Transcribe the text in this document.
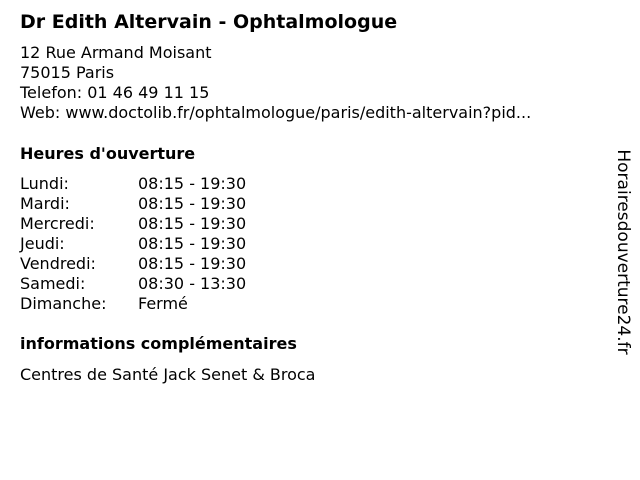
Dr Edith Altervain - Ophtalmologue
12 Rue Armand Moisant
75015 Paris
Telefon: 01 46 49 11 15
Web: www.doctolib.fr/ophtalmologue/paris/edith-altervain?pid...
Heures d'ouverture
Lundi:	08:15 - 19:30
Mardi:	08:15 - 19:30
Mercredi:	08:15 - 19:30
Jeudi:	08:15 - 19:30
Vendredi:	08:15 - 19:30
Samedi:	08:30 - 13:30
Dimanche:	Fermé
informations complémentaires
Centres de Santé Jack Senet & Broca
Horairesdouverture24.fr
